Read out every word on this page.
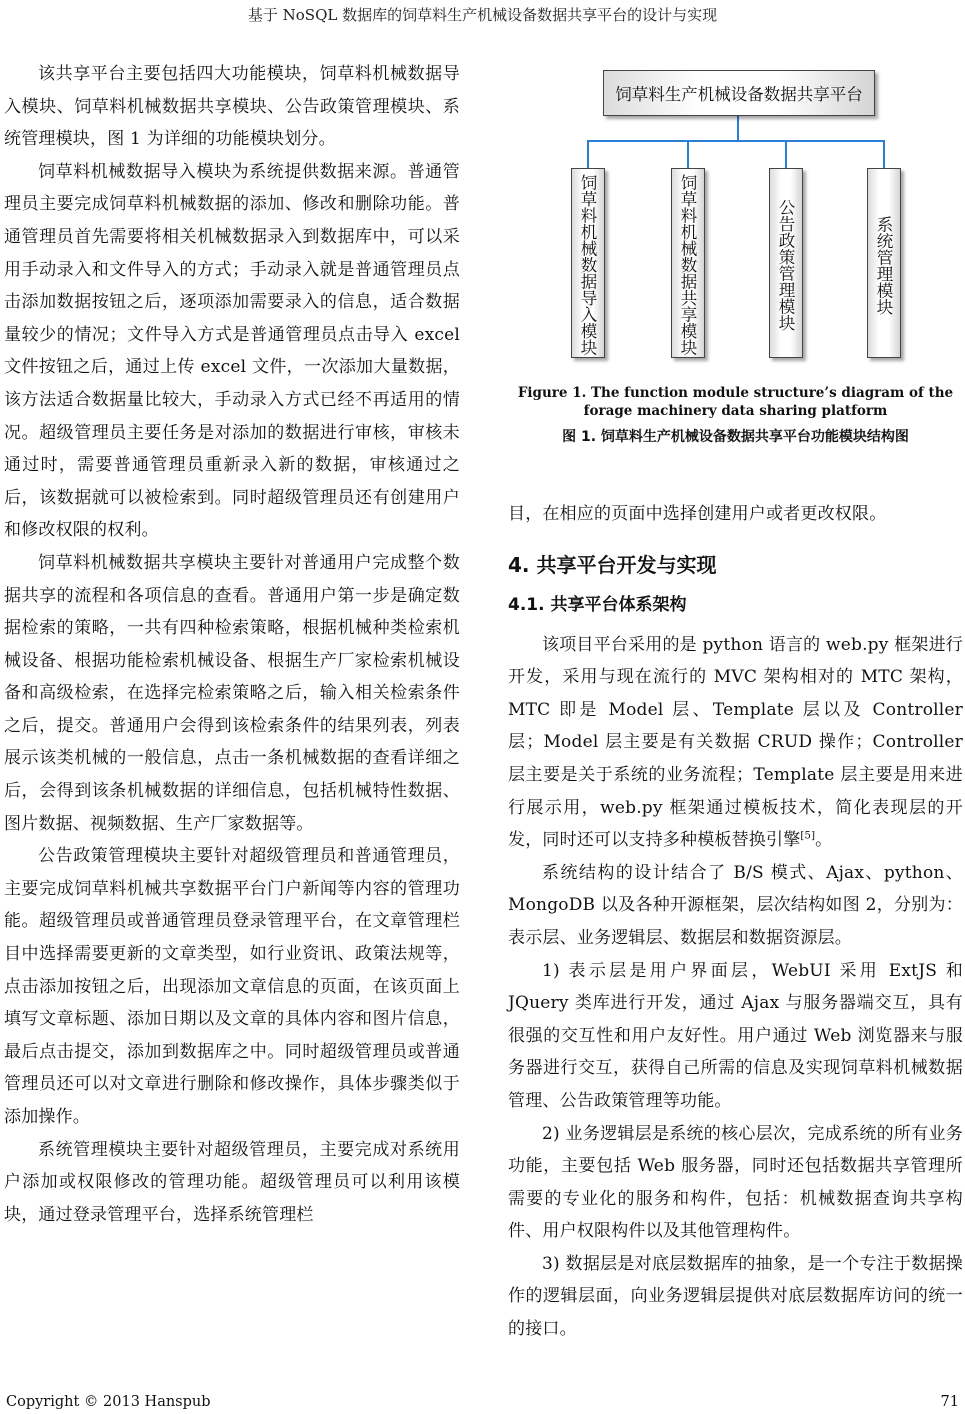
基于 NoSQL 数据库的饲草料生产机械设备数据共享平台的设计与实现

该共享平台主要包括四大功能模块，饲草料机械数据导入模块、饲草料机械数据共享模块、公告政策管理模块、系统管理模块，图 1 为详细的功能模块划分。

饲草料机械数据导入模块为系统提供数据来源。普通管理员主要完成饲草料机械数据的添加、修改和删除功能。普通管理员首先需要将相关机械数据录入到数据库中，可以采用手动录入和文件导入的方式；手动录入就是普通管理员点击添加数据按钮之后，逐项添加需要录入的信息，适合数据量较少的情况；文件导入方式是普通管理员点击导入 excel 文件按钮之后，通过上传 excel 文件，一次添加大量数据，该方法适合数据量比较大，手动录入方式已经不再适用的情况。超级管理员主要任务是对添加的数据进行审核，审核未通过时，需要普通管理员重新录入新的数据，审核通过之后，该数据就可以被检索到。同时超级管理员还有创建用户和修改权限的权利。

饲草料机械数据共享模块主要针对普通用户完成整个数据共享的流程和各项信息的查看。普通用户第一步是确定数据检索的策略，一共有四种检索策略，根据机械种类检索机械设备、根据功能检索机械设备、根据生产厂家检索机械设备和高级检索，在选择完检索策略之后，输入相关检索条件之后，提交。普通用户会得到该检索条件的结果列表，列表展示该类机械的一般信息，点击一条机械数据的查看详细之后，会得到该条机械数据的详细信息，包括机械特性数据、图片数据、视频数据、生产厂家数据等。

公告政策管理模块主要针对超级管理员和普通管理员，主要完成饲草料机械共享数据平台门户新闻等内容的管理功能。超级管理员或普通管理员登录管理平台，在文章管理栏目中选择需要更新的文章类型，如行业资讯、政策法规等，点击添加按钮之后，出现添加文章信息的页面，在该页面上填写文章标题、添加日期以及文章的具体内容和图片信息，最后点击提交，添加到数据库之中。同时超级管理员或普通管理员还可以对文章进行删除和修改操作，具体步骤类似于添加操作。

系统管理模块主要针对超级管理员，主要完成对系统用户添加或权限修改的管理功能。超级管理员可以利用该模块，通过登录管理平台，选择系统管理栏

饲草料生产机械设备数据共享平台
饲草料机械数据导入模块	饲草料机械数据共享模块	公告政策管理模块	系统管理模块
Figure 1. The function module structure’s diagram of the forage machinery data sharing platform
图 1. 饲草料生产机械设备数据共享平台功能模块结构图

目，在相应的页面中选择创建用户或者更改权限。

4. 共享平台开发与实现
4.1. 共享平台体系架构

该项目平台采用的是 python 语言的 web.py 框架进行开发，采用与现在流行的 MVC 架构相对的 MTC 架构，MTC 即是 Model 层、Template 层以及 Controller 层；Model 层主要是有关数据 CRUD 操作；Controller 层主要是关于系统的业务流程；Template 层主要是用来进行展示用，web.py 框架通过模板技术，简化表现层的开发，同时还可以支持多种模板替换引擎[5]。

系统结构的设计结合了 B/S 模式、Ajax、python、MongoDB 以及各种开源框架，层次结构如图 2，分别为：表示层、业务逻辑层、数据层和数据资源层。

1) 表示层是用户界面层，WebUI 采用 ExtJS 和 JQuery 类库进行开发，通过 Ajax 与服务器端交互，具有很强的交互性和用户友好性。用户通过 Web 浏览器来与服务器进行交互，获得自己所需的信息及实现饲草料机械数据管理、公告政策管理等功能。

2) 业务逻辑层是系统的核心层次，完成系统的所有业务功能，主要包括 Web 服务器，同时还包括数据共享管理所需要的专业化的服务和构件，包括：机械数据查询共享构件、用户权限构件以及其他管理构件。

3) 数据层是对底层数据库的抽象，是一个专注于数据操作的逻辑层面，向业务逻辑层提供对底层数据库访问的统一的接口。

Copyright © 2013 Hanspub	71
